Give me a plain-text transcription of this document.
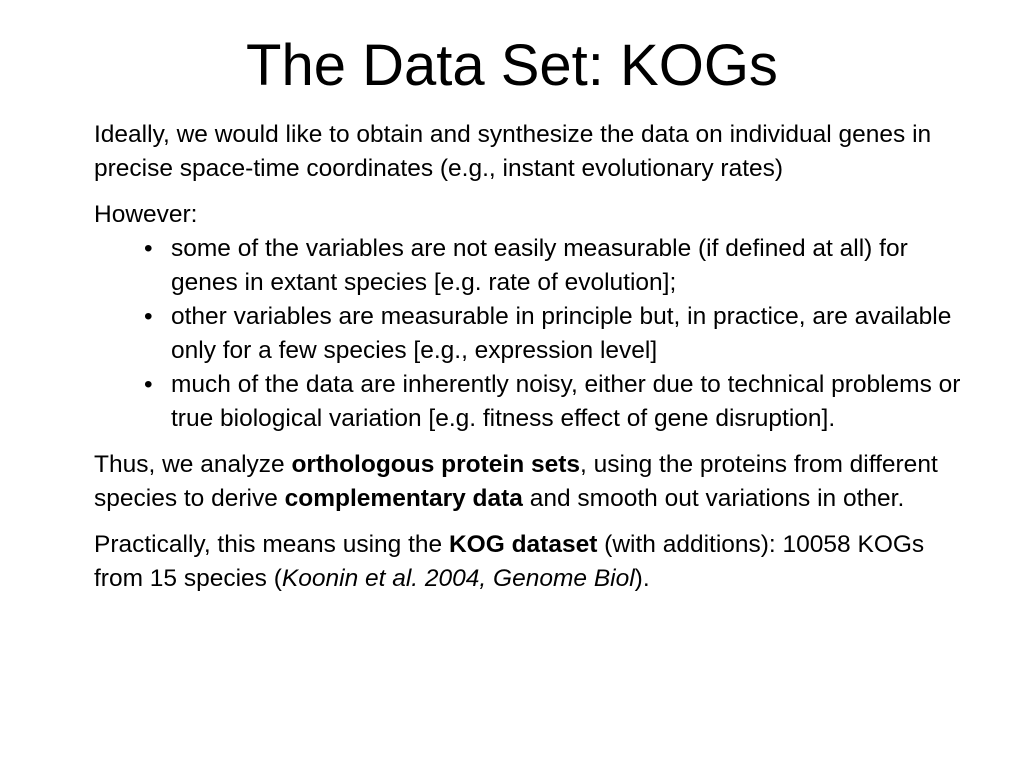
The Data Set: KOGs

Ideally, we would like to obtain and synthesize the data on individual genes in precise space-time coordinates (e.g., instant evolutionary rates)

However:

• some of the variables are not easily measurable (if defined at all) for genes in extant species [e.g. rate of evolution];
• other variables are measurable in principle but, in practice, are available only for a few species [e.g., expression level]
• much of the data are inherently noisy, either due to technical problems or true biological variation [e.g. fitness effect of gene disruption].

Thus, we analyze orthologous protein sets, using the proteins from different species to derive complementary data and smooth out variations in other.

Practically, this means using the KOG dataset (with additions): 10058 KOGs from 15 species (Koonin et al. 2004, Genome Biol).
